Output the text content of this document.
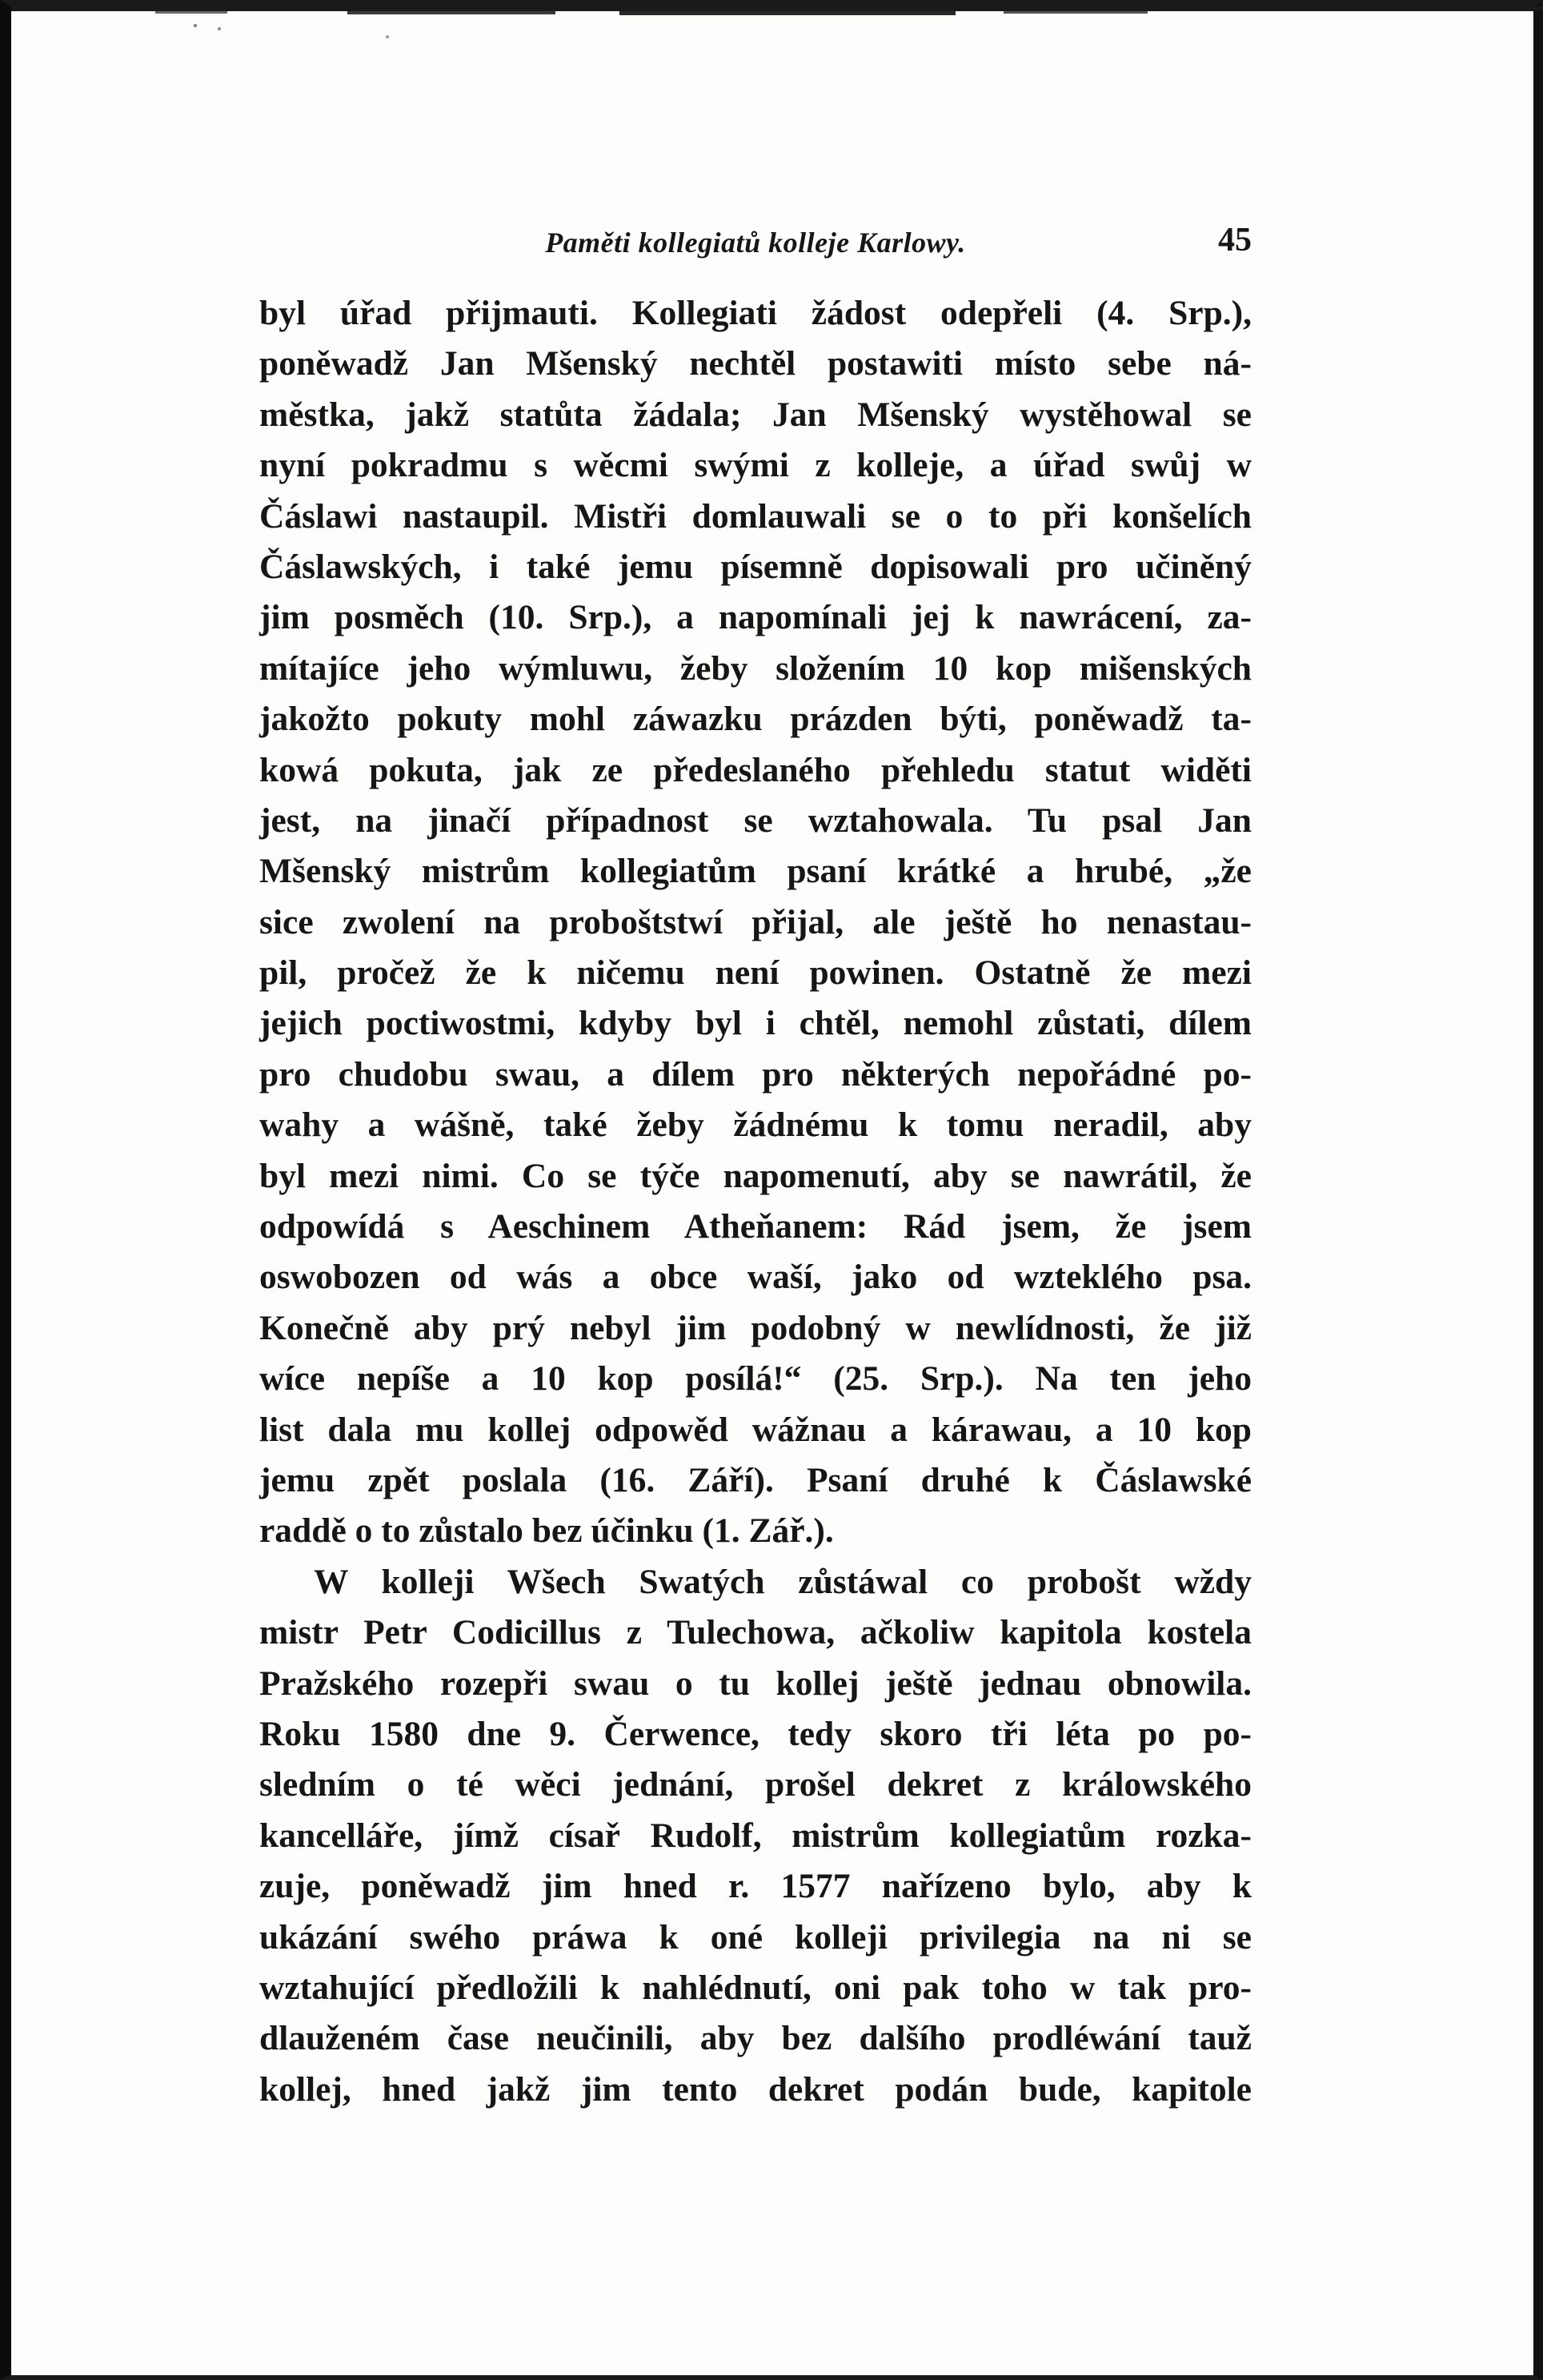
Paměti kollegiatů kolleje Karlowy.	45
byl úřad přijmauti. Kollegiati žádost odepřeli (4. Srp.),
poněwadž Jan Mšenský nechtěl postawiti místo sebe ná-
městka, jakž statůta žádala; Jan Mšenský wystěhowal se
nyní pokradmu s wěcmi swými z kolleje, a úřad swůj w
Čáslawi nastaupil. Mistři domlauwali se o to při konšelích
Čáslawských, i také jemu písemně dopisowali pro učiněný
jim posměch (10. Srp.), a napomínali jej k nawrácení, za-
mítajíce jeho wýmluwu, žeby složením 10 kop mišenských
jakožto pokuty mohl záwazku prázden býti, poněwadž ta-
kowá pokuta, jak ze předeslaného přehledu statut widěti
jest, na jinačí případnost se wztahowala. Tu psal Jan
Mšenský mistrům kollegiatům psaní krátké a hrubé, „že
sice zwolení na proboštstwí přijal, ale ještě ho nenastau-
pil, pročež že k ničemu není powinen. Ostatně že mezi
jejich poctiwostmi, kdyby byl i chtěl, nemohl zůstati, dílem
pro chudobu swau, a dílem pro některých nepořádné po-
wahy a wášně, také žeby žádnému k tomu neradil, aby
byl mezi nimi. Co se týče napomenutí, aby se nawrátil, že
odpowídá s Aeschinem Atheňanem: Rád jsem, že jsem
oswobozen od wás a obce waší, jako od wzteklého psa.
Konečně aby prý nebyl jim podobný w newlídnosti, že již
wíce nepíše a 10 kop posílá!“ (25. Srp.). Na ten jeho
list dala mu kollej odpowěd wážnau a kárawau, a 10 kop
jemu zpět poslala (16. Září). Psaní druhé k Čáslawské
raddě o to zůstalo bez účinku (1. Zář.).
W kolleji Wšech Swatých zůstáwal co probošt wždy
mistr Petr Codicillus z Tulechowa, ačkoliw kapitola kostela
Pražského rozepři swau o tu kollej ještě jednau obnowila.
Roku 1580 dne 9. Čerwence, tedy skoro tři léta po po-
sledním o té wěci jednání, prošel dekret z králowského
kancelláře, jímž císař Rudolf, mistrům kollegiatům rozka-
zuje, poněwadž jim hned r. 1577 nařízeno bylo, aby k
ukázání swého práwa k oné kolleji privilegia na ni se
wztahující předložili k nahlédnutí, oni pak toho w tak pro-
dlauženém čase neučinili, aby bez dalšího prodléwání tauž
kollej, hned jakž jim tento dekret podán bude, kapitole
